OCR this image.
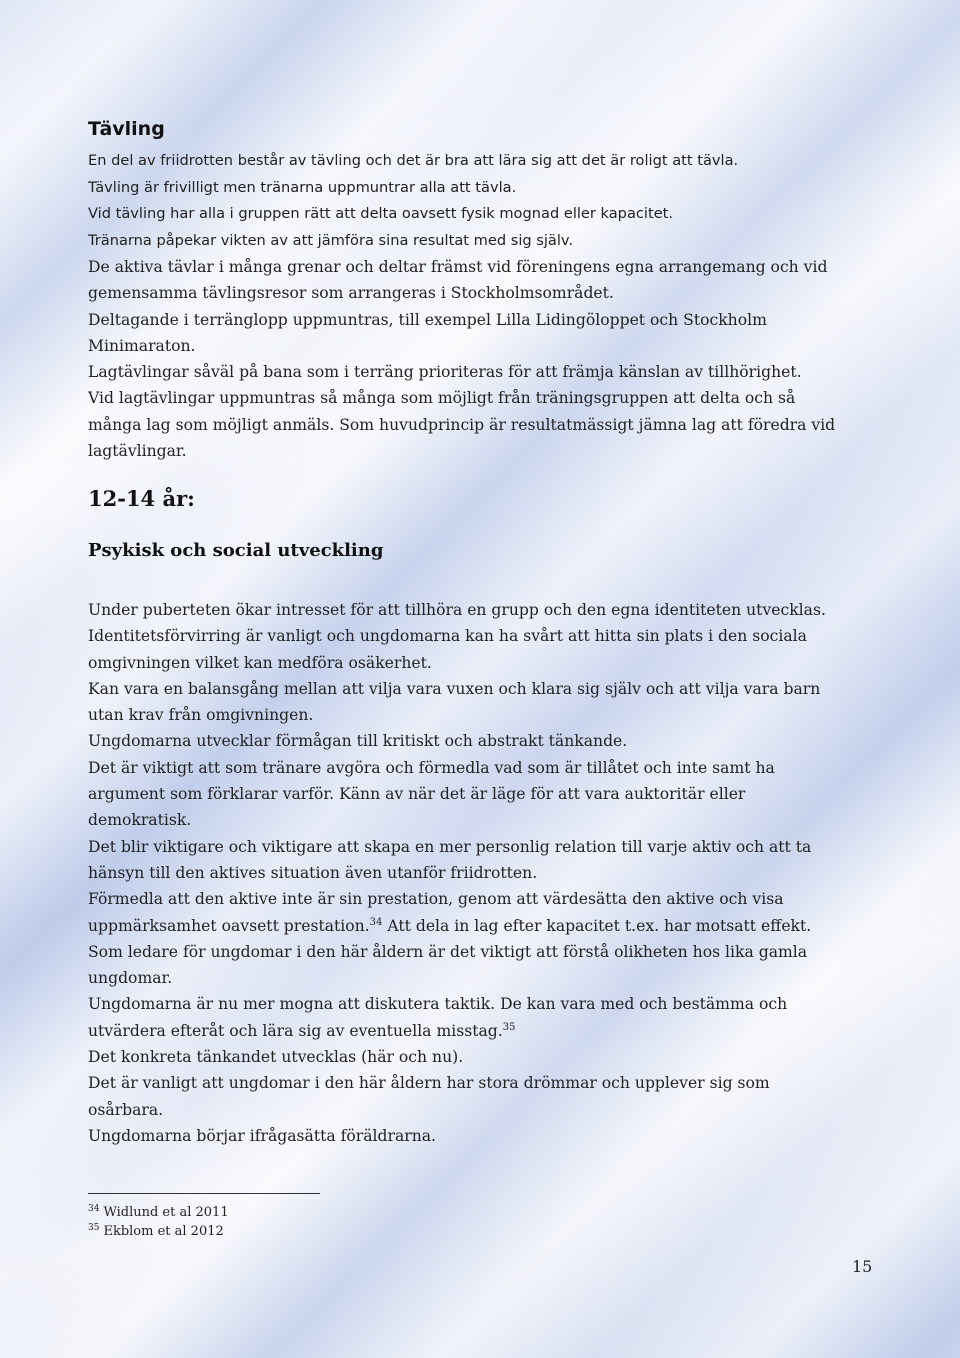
Tävling
En del av friidrotten består av tävling och det är bra att lära sig att det är roligt att tävla.
Tävling är frivilligt men tränarna uppmuntrar alla att tävla.
Vid tävling har alla i gruppen rätt att delta oavsett fysik mognad eller kapacitet.
Tränarna påpekar vikten av att jämföra sina resultat med sig själv.
De aktiva tävlar i många grenar och deltar främst vid föreningens egna arrangemang och vid
gemensamma tävlingsresor som arrangeras i Stockholmsområdet.
Deltagande i terränglopp uppmuntras, till exempel Lilla Lidingöloppet och Stockholm
Minimaraton.
Lagtävlingar såväl på bana som i terräng prioriteras för att främja känslan av tillhörighet.
Vid lagtävlingar uppmuntras så många som möjligt från träningsgruppen att delta och så
många lag som möjligt anmäls. Som huvudprincip är resultatmässigt jämna lag att föredra vid
lagtävlingar.
12-14 år:
Psykisk och social utveckling
Under puberteten ökar intresset för att tillhöra en grupp och den egna identiteten utvecklas.
Identitetsförvirring är vanligt och ungdomarna kan ha svårt att hitta sin plats i den sociala
omgivningen vilket kan medföra osäkerhet.
Kan vara en balansgång mellan att vilja vara vuxen och klara sig själv och att vilja vara barn
utan krav från omgivningen.
Ungdomarna utvecklar förmågan till kritiskt och abstrakt tänkande.
Det är viktigt att som tränare avgöra och förmedla vad som är tillåtet och inte samt ha
argument som förklarar varför. Känn av när det är läge för att vara auktoritär eller
demokratisk.
Det blir viktigare och viktigare att skapa en mer personlig relation till varje aktiv och att ta
hänsyn till den aktives situation även utanför friidrotten.
Förmedla att den aktive inte är sin prestation, genom att värdesätta den aktive och visa
uppmärksamhet oavsett prestation.$^{34}$ Att dela in lag efter kapacitet t.ex. har motsatt effekt.
Som ledare för ungdomar i den här åldern är det viktigt att förstå olikheten hos lika gamla
ungdomar.
Ungdomarna är nu mer mogna att diskutera taktik. De kan vara med och bestämma och
utvärdera efteråt och lära sig av eventuella misstag.$^{35}$
Det konkreta tänkandet utvecklas (här och nu).
Det är vanligt att ungdomar i den här åldern har stora drömmar och upplever sig som
osårbara.
Ungdomarna börjar ifrågasätta föräldrarna.
$^{34}$ Widlund et al 2011
$^{35}$ Ekblom et al 2012
15
